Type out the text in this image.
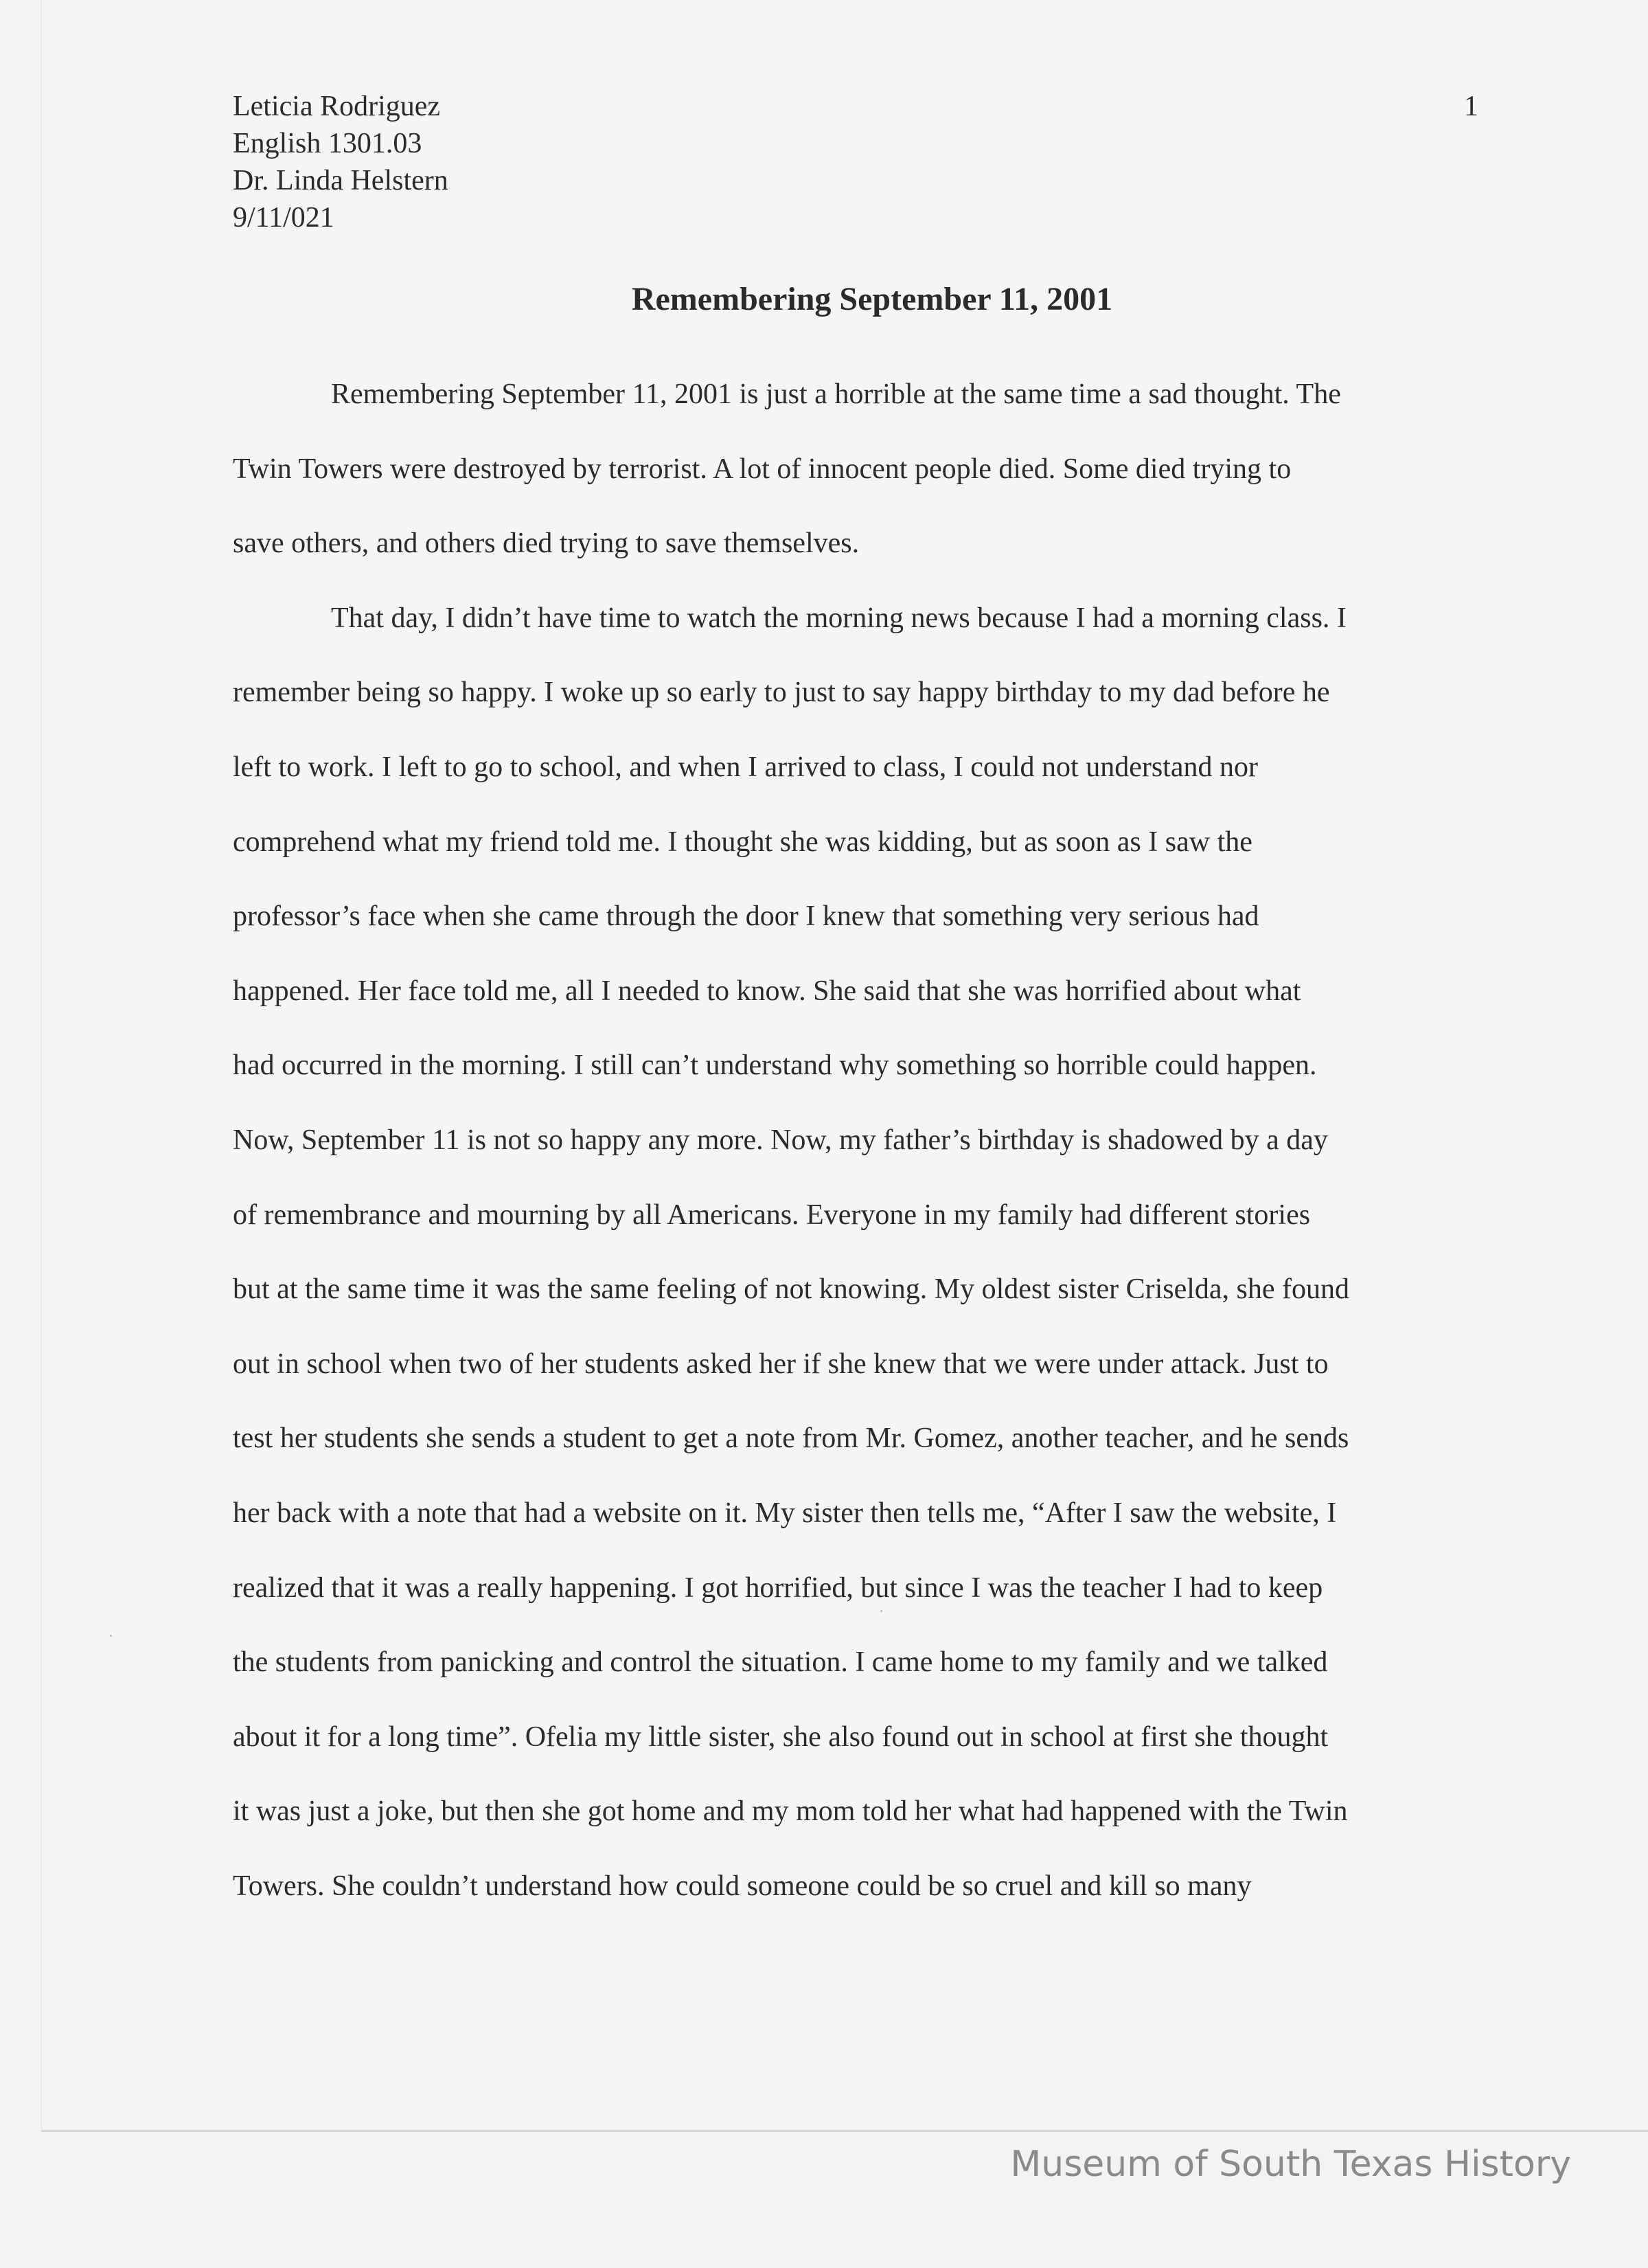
Leticia Rodriguez
English 1301.03
Dr. Linda Helstern
9/11/021
1
Remembering September 11, 2001
Remembering September 11, 2001 is just a horrible at the same time a sad thought. The
Twin Towers were destroyed by terrorist. A lot of innocent people died. Some died trying to
save others, and others died trying to save themselves.
That day, I didn’t have time to watch the morning news because I had a morning class. I
remember being so happy. I woke up so early to just to say happy birthday to my dad before he
left to work. I left to go to school, and when I arrived to class, I could not understand nor
comprehend what my friend told me. I thought she was kidding, but as soon as I saw the
professor’s face when she came through the door I knew that something very serious had
happened. Her face told me, all I needed to know. She said that she was horrified about what
had occurred in the morning. I still can’t understand why something so horrible could happen.
Now, September 11 is not so happy any more. Now, my father’s birthday is shadowed by a day
of remembrance and mourning by all Americans. Everyone in my family had different stories
but at the same time it was the same feeling of not knowing. My oldest sister Criselda, she found
out in school when two of her students asked her if she knew that we were under attack. Just to
test her students she sends a student to get a note from Mr. Gomez, another teacher, and he sends
her back with a note that had a website on it. My sister then tells me, “After I saw the website, I
realized that it was a really happening. I got horrified, but since I was the teacher I had to keep
the students from panicking and control the situation. I came home to my family and we talked
about it for a long time”. Ofelia my little sister, she also found out in school at first she thought
it was just a joke, but then she got home and my mom told her what had happened with the Twin
Towers. She couldn’t understand how could someone could be so cruel and kill so many
Museum of South Texas History
